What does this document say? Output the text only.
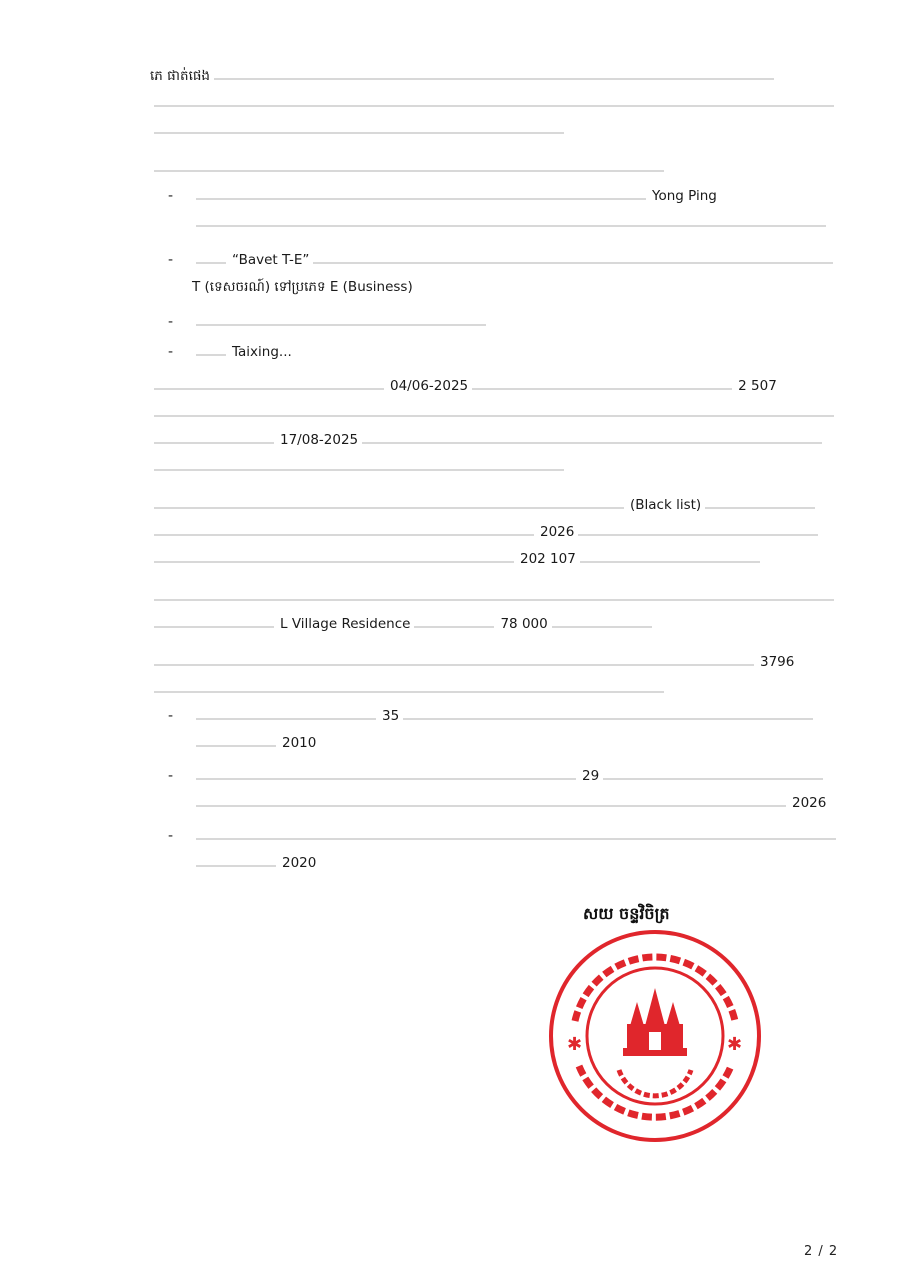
ភេ ផាត់ផេង
Yong Ping
“Bavet T-E”
T (ទេសចរណ៍) ទៅប្រភេទ E (Business)
Taixing...
04/06-2025	2 507
17/08-2025
(Black list)
2026
202 107
L Village Residence	78 000
3796
35
2010
29
2026
2020
-
-
-
-
-
-
-
សយ ចន្ទវិចិត្រ
✱	✱
2 / 2
